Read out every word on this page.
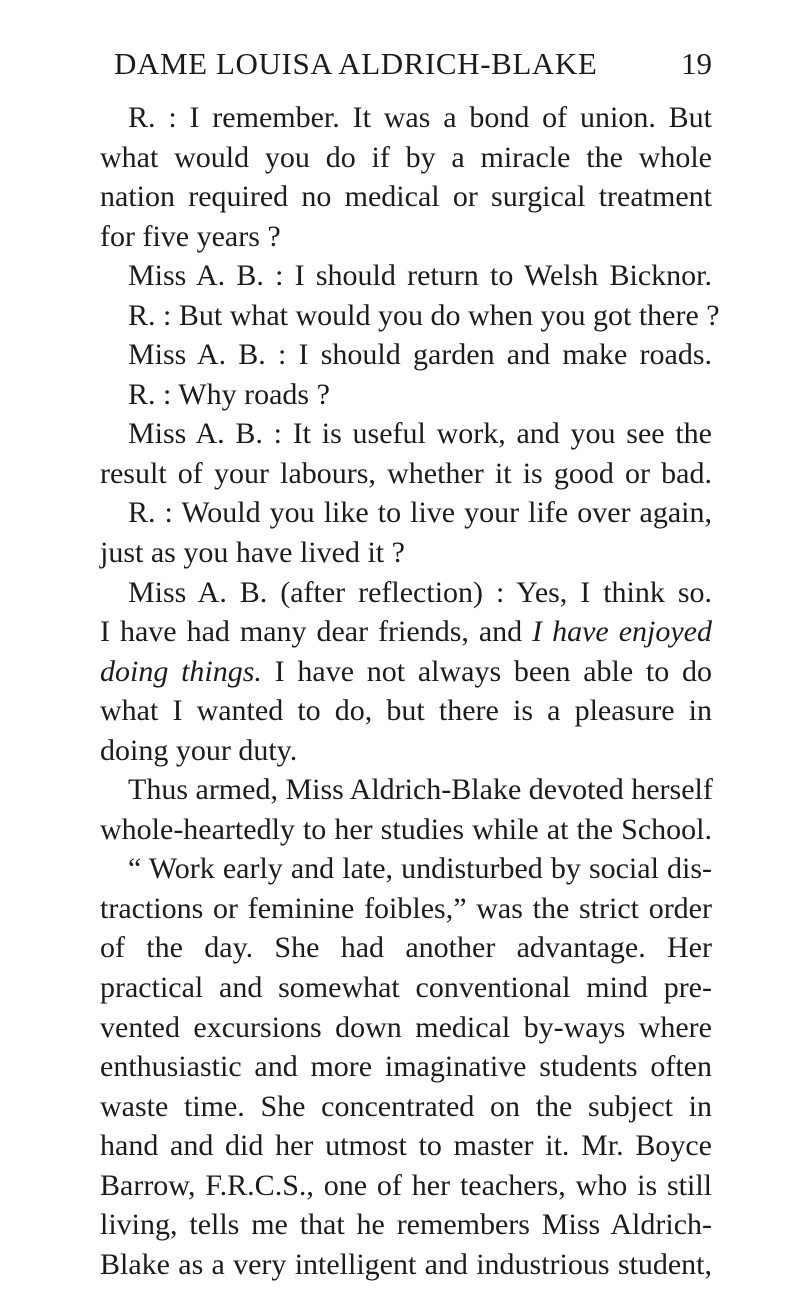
DAME LOUISA ALDRICH-BLAKE	19
R. : I remember. It was a bond of union. But
what would you do if by a miracle the whole
nation required no medical or surgical treatment
for five years ?
Miss A. B. : I should return to Welsh Bicknor.
R. : But what would you do when you got there ?
Miss A. B. : I should garden and make roads.
R. : Why roads ?
Miss A. B. : It is useful work, and you see the
result of your labours, whether it is good or bad.
R. : Would you like to live your life over again,
just as you have lived it ?
Miss A. B. (after reflection) : Yes, I think so.
I have had many dear friends, and I have enjoyed
doing things. I have not always been able to do
what I wanted to do, but there is a pleasure in
doing your duty.
Thus armed, Miss Aldrich-Blake devoted herself
whole-heartedly to her studies while at the School.
“ Work early and late, undisturbed by social dis-
tractions or feminine foibles,” was the strict order
of the day. She had another advantage. Her
practical and somewhat conventional mind pre-
vented excursions down medical by-ways where
enthusiastic and more imaginative students often
waste time. She concentrated on the subject in
hand and did her utmost to master it. Mr. Boyce
Barrow, F.R.C.S., one of her teachers, who is still
living, tells me that he remembers Miss Aldrich-
Blake as a very intelligent and industrious student,
